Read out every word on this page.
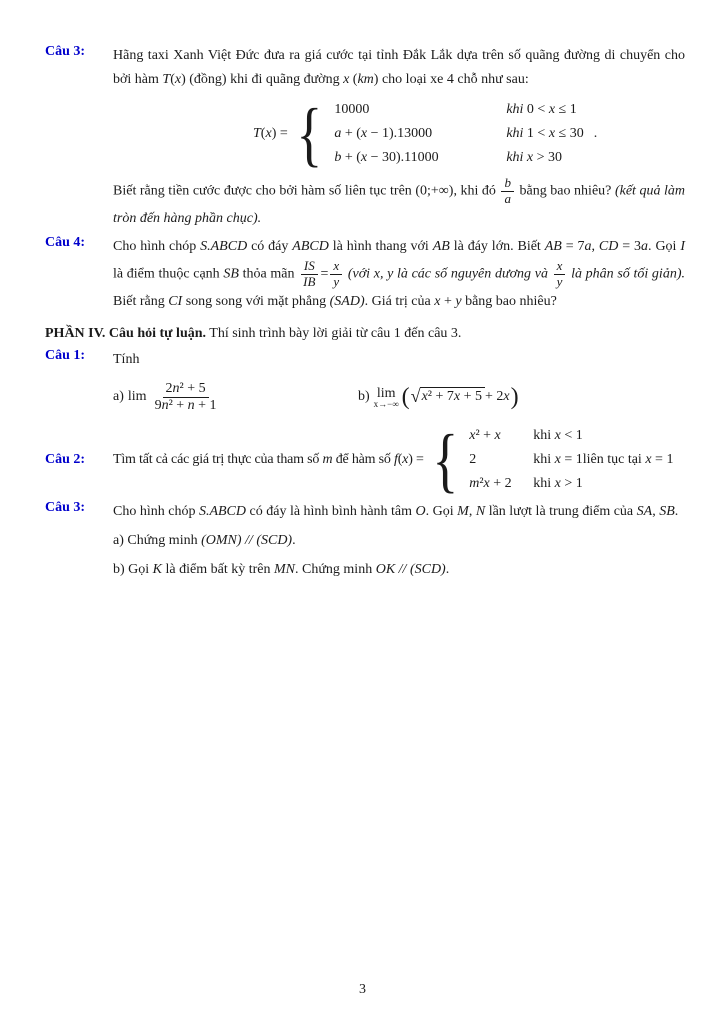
Câu 3:	Hãng taxi Xanh Việt Đức đưa ra giá cước tại tỉnh Đắk Lắk dựa trên số quãng đường di chuyển cho bởi hàm T(x) (đồng) khi đi quãng đường x (km) cho loại xe 4 chỗ như sau:

T(x) = { 10000	khi 0 < x ≤ 1
a + (x − 1).13000	khi 1 < x ≤ 30
b + (x − 30).11000	khi x > 30
.

Biết rằng tiền cước được cho bởi hàm số liên tục trên (0;+∞), khi đó $\frac{b}{a}$ bằng bao nhiêu? (kết quả làm tròn đến hàng phần chục).

Câu 4:	Cho hình chóp S.ABCD có đáy ABCD là hình thang với AB là đáy lớn. Biết AB = 7a, CD = 3a. Gọi I là điểm thuộc cạnh SB thỏa mãn $\frac{IS}{IB} = \frac{x}{y}$ (với x, y là các số nguyên dương và $\frac{x}{y}$ là phân số tối giản). Biết rằng CI song song với mặt phẳng (SAD). Giá trị của x + y bằng bao nhiêu?

PHẦN IV. Câu hỏi tự luận. Thí sinh trình bày lời giải từ câu 1 đến câu 3.

Câu 1:	Tính

a) $\lim \frac{\text{2n² + 5}}{\text{9n² + n + 1}}$	b) lim
x→−∞ ( √ x² + 7x + 5 + 2x )
Câu 2:	Tìm tất cả các giá trị thực của tham số m để hàm số f(x) = { x² + x	khi x < 1
2	khi x = 1
m²x + 2	khi x > 1
liên tục tại x = 1
Câu 3:	Cho hình chóp S.ABCD có đáy là hình bình hành tâm O. Gọi M, N lần lượt là trung điểm của SA, SB.

a) Chứng minh (OMN) // (SCD).

b) Gọi K là điểm bất kỳ trên MN. Chứng minh OK // (SCD).

3
